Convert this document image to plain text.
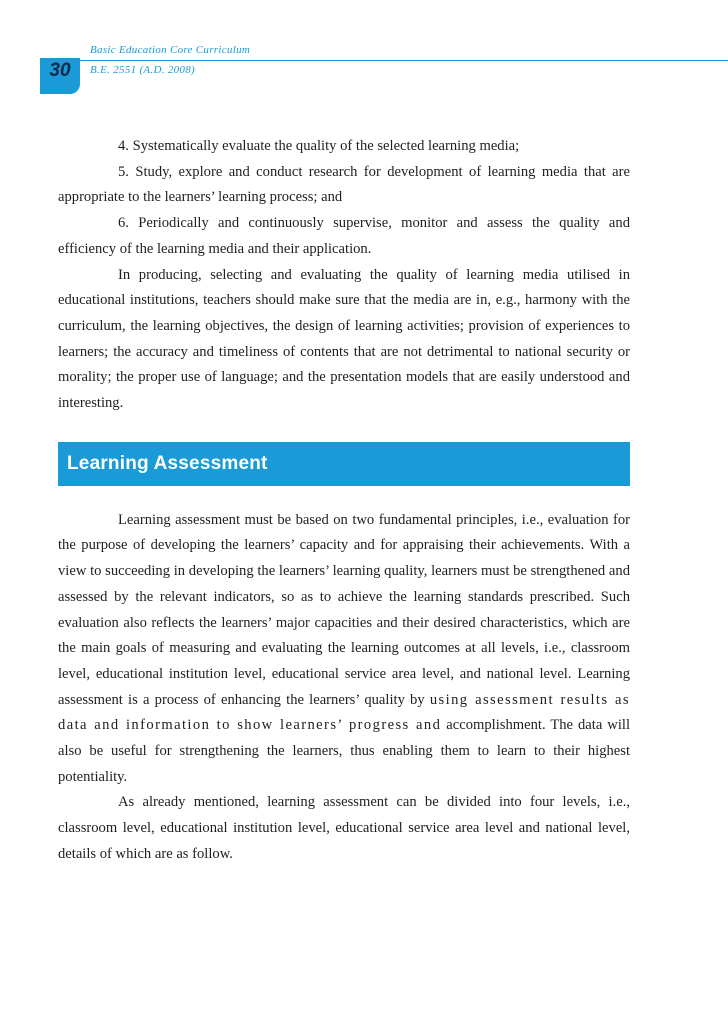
30
Basic Education Core Curriculum
B.E. 2551 (A.D. 2008)

4. Systematically evaluate the quality of the selected learning media;

5. Study, explore and conduct research for development of learning media that are appropriate to the learners’ learning process; and

6. Periodically and continuously supervise, monitor and assess the quality and efficiency of the learning media and their application.

In producing, selecting and evaluating the quality of learning media utilised in educational institutions, teachers should make sure that the media are in, e.g., harmony with the curriculum, the learning objectives, the design of learning activities; provision of experiences to learners; the accuracy and timeliness of contents that are not detrimental to national security or morality; the proper use of language; and the presentation models that are easily understood and interesting.

Learning Assessment

Learning assessment must be based on two fundamental principles, i.e., evaluation for the purpose of developing the learners’ capacity and for appraising their achievements. With a view to succeeding in developing the learners’ learning quality, learners must be strengthened and assessed by the relevant indicators, so as to achieve the learning standards prescribed. Such evaluation also reflects the learners’ major capacities and their desired characteristics, which are the main goals of measuring and evaluating the learning outcomes at all levels, i.e., classroom level, educational institution level, educational service area level, and national level. Learning assessment is a process of enhancing the learners’ quality by using assessment results as data and information to show learners’ progress and accomplishment. The data will also be useful for strengthening the learners, thus enabling them to learn to their highest potentiality.

As already mentioned, learning assessment can be divided into four levels, i.e., classroom level, educational institution level, educational service area level and national level, details of which are as follow.
